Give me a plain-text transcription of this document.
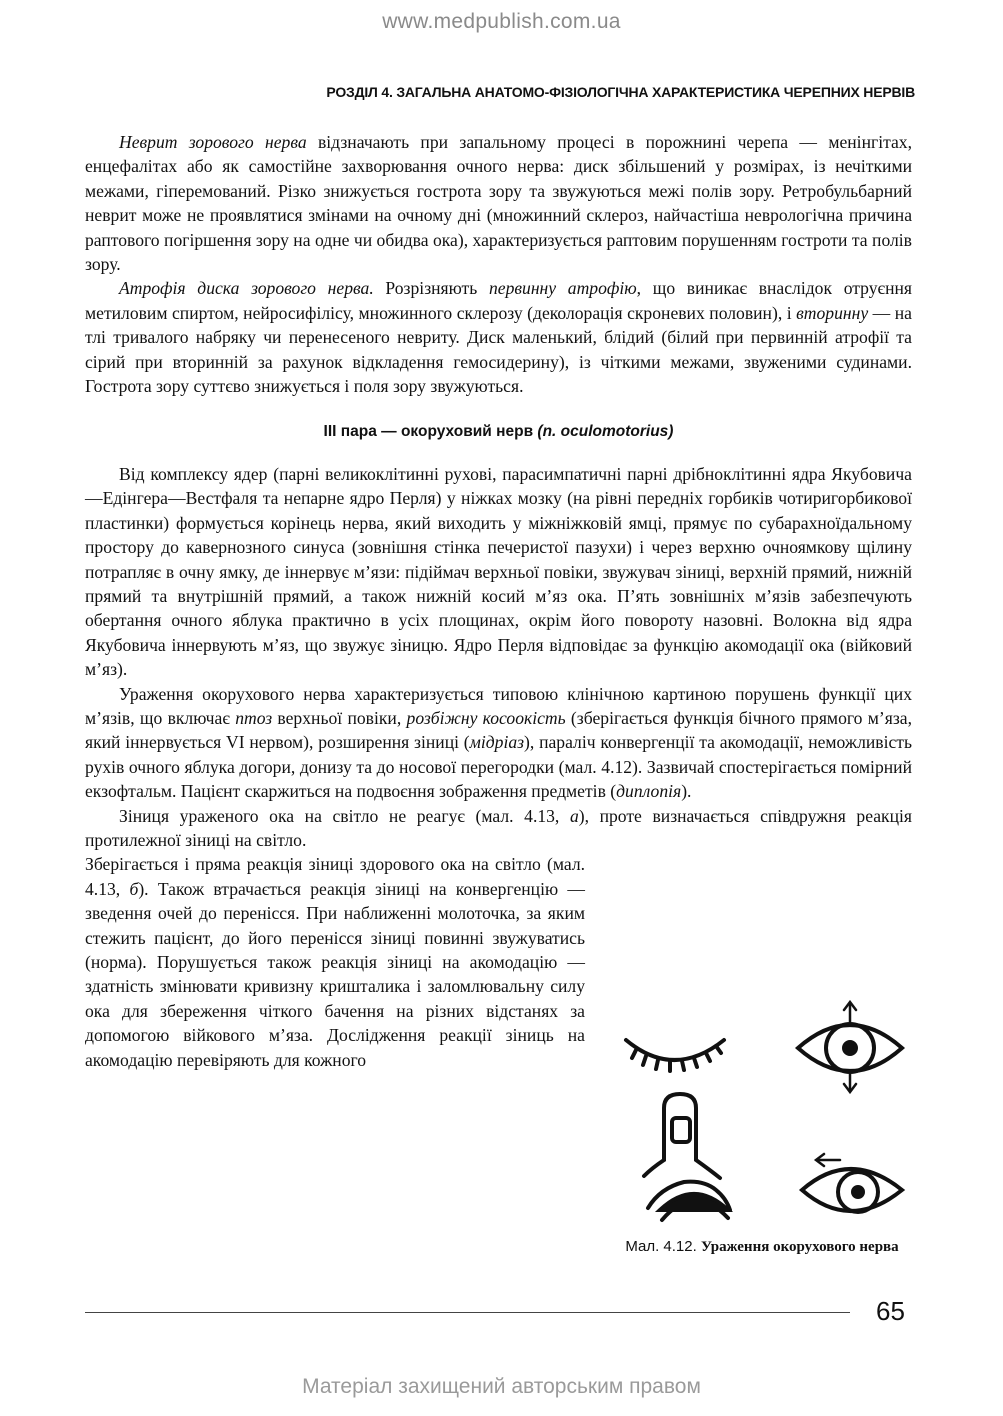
www.medpublish.com.ua
РОЗДІЛ 4. ЗАГАЛЬНА АНАТОМО-ФІЗІОЛОГІЧНА ХАРАКТЕРИСТИКА ЧЕРЕПНИХ НЕРВІВ

Неврит зорового нерва відзначають при запальному процесі в порожнині черепа — менінгітах, енцефалітах або як самостійне захворювання очного нерва: диск збільшений у розмірах, із нечіткими межами, гіперемований. Різко знижується гострота зору та звужуються межі полів зору. Ретробульбарний неврит може не проявлятися змінами на очному дні (множинний склероз, найчастіша неврологічна причина раптового погіршення зору на одне чи обидва ока), характеризується раптовим порушенням гостроти та полів зору.

Атрофія диска зорового нерва. Розрізняють первинну атрофію, що виникає внаслідок отруєння метиловим спиртом, нейросифілісу, множинного склерозу (деколорація скроневих половин), і вторинну — на тлі тривалого набряку чи перенесеного невриту. Диск маленький, блідий (білий при первинній атрофії та сірий при вторинній за рахунок відкладення гемосидерину), із чіткими межами, звуженими судинами. Гострота зору суттєво знижується і поля зору звужуються.

III пара — окоруховий нерв (n. oculomotorius)

Від комплексу ядер (парні великоклітинні рухові, парасимпатичні парні дрібноклітинні ядра Якубовича—Едінгера—Вестфаля та непарне ядро Перля) у ніжках мозку (на рівні передніх горбиків чотиригорбикової пластинки) формується корінець нерва, який виходить у міжніжковій ямці, прямує по субарахноїдальному простору до кавернозного синуса (зовнішня стінка печеристої пазухи) і через верхню очноямкову щілину потрапляє в очну ямку, де іннервує м’язи: підіймач верхньої повіки, звужувач зіниці, верхній прямий, нижній прямий та внутрішній прямий, а також нижній косий м’яз ока. П’ять зовнішніх м’язів забезпечують обертання очного яблука практично в усіх площинах, окрім його повороту назовні. Волокна від ядра Якубовича іннервують м’яз, що звужує зіницю. Ядро Перля відповідає за функцію акомодації ока (війковий м’яз).

Ураження окорухового нерва характеризується типовою клінічною картиною порушень функції цих м’язів, що включає птоз верхньої повіки, розбіжну косоокість (зберігається функція бічного прямого м’яза, який іннервується VI нервом), розширення зіниці (мідріаз), параліч конвергенції та акомодації, неможливість рухів очного яблука догори, донизу та до носової перегородки (мал. 4.12). Зазвичай спостерігається помірний екзофтальм. Пацієнт скаржиться на подвоєння зображення предметів (диплопія).

Зіниця ураженого ока на світло не реагує (мал. 4.13, а), проте визначається співдружня реакція протилежної зіниці на світло.

Зберігається і пряма реакція зіниці здорового ока на світло (мал. 4.13, б). Також втрачається реакція зіниці на конвергенцію — зведення очей до перенісся. При наближенні молоточка, за яким стежить пацієнт, до його перенісся зіниці повинні звужуватись (норма). Порушується також реакція зіниці на акомодацію — здатність змінювати кривизну кришталика і заломлювальну силу ока для збереження чіткого бачення на різних відстанях за допомогою війкового м’яза. Дослідження реакції зіниць на акомодацію перевіряють для кожного
Мал. 4.12. Ураження окорухового нерва
65
Матеріал захищений авторським правом
